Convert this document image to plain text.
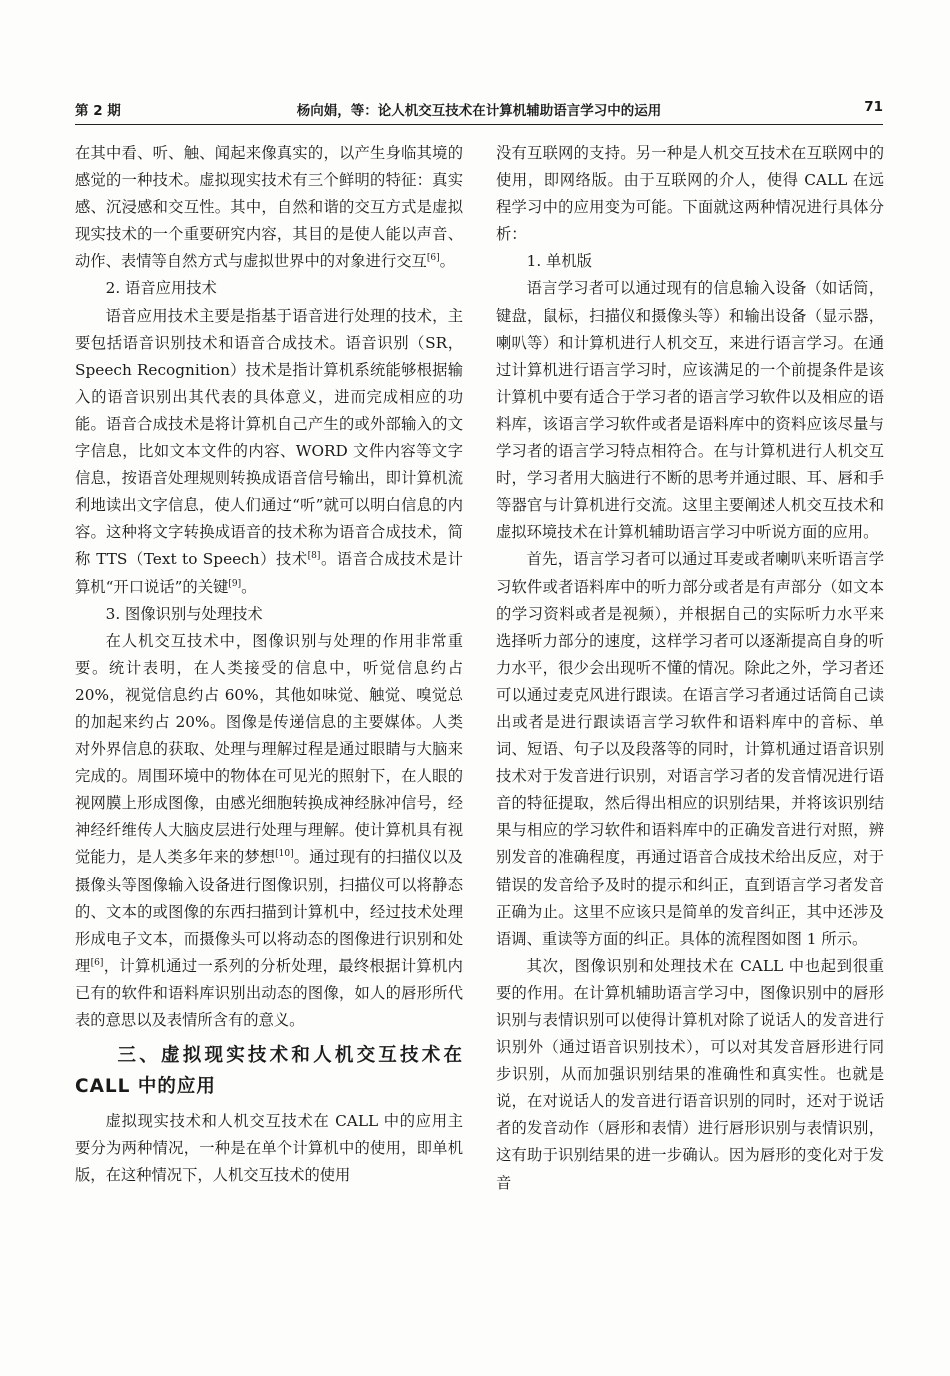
第 2 期	杨向娟，等：论人机交互技术在计算机辅助语言学习中的运用	71

在其中看、听、触、闻起来像真实的，以产生身临其境的感觉的一种技术。虚拟现实技术有三个鲜明的特征：真实感、沉浸感和交互性。其中，自然和谐的交互方式是虚拟现实技术的一个重要研究内容，其目的是使人能以声音、动作、表情等自然方式与虚拟世界中的对象进行交互[6]。

2. 语音应用技术

语音应用技术主要是指基于语音进行处理的技术，主要包括语音识别技术和语音合成技术。语音识别（SR，Speech Recognition）技术是指计算机系统能够根据输入的语音识别出其代表的具体意义，进而完成相应的功能。语音合成技术是将计算机自己产生的或外部输入的文字信息，比如文本文件的内容、WORD 文件内容等文字信息，按语音处理规则转换成语音信号输出，即计算机流利地读出文字信息，使人们通过“听”就可以明白信息的内容。这种将文字转换成语音的技术称为语音合成技术，简称 TTS（Text to Speech）技术[8]。语音合成技术是计算机“开口说话”的关键[9]。

3. 图像识别与处理技术

在人机交互技术中，图像识别与处理的作用非常重要。统计表明，在人类接受的信息中，听觉信息约占 20%，视觉信息约占 60%，其他如味觉、触觉、嗅觉总的加起来约占 20%。图像是传递信息的主要媒体。人类对外界信息的获取、处理与理解过程是通过眼睛与大脑来完成的。周围环境中的物体在可见光的照射下，在人眼的视网膜上形成图像，由感光细胞转换成神经脉冲信号，经神经纤维传人大脑皮层进行处理与理解。使计算机具有视觉能力，是人类多年来的梦想[10]。通过现有的扫描仪以及摄像头等图像输入设备进行图像识别，扫描仪可以将静态的、文本的或图像的东西扫描到计算机中，经过技术处理形成电子文本，而摄像头可以将动态的图像进行识别和处理[6]，计算机通过一系列的分析处理，最终根据计算机内已有的软件和语料库识别出动态的图像，如人的唇形所代表的意思以及表情所含有的意义。

三、虚拟现实技术和人机交互技术在 CALL 中的应用

虚拟现实技术和人机交互技术在 CALL 中的应用主要分为两种情况，一种是在单个计算机中的使用，即单机版，在这种情况下，人机交互技术的使用

没有互联网的支持。另一种是人机交互技术在互联网中的使用，即网络版。由于互联网的介人，使得 CALL 在远程学习中的应用变为可能。下面就这两种情况进行具体分析：

1. 单机版

语言学习者可以通过现有的信息输入设备（如话筒，键盘，鼠标，扫描仪和摄像头等）和输出设备（显示器，喇叭等）和计算机进行人机交互，来进行语言学习。在通过计算机进行语言学习时，应该满足的一个前提条件是该计算机中要有适合于学习者的语言学习软件以及相应的语料库，该语言学习软件或者是语料库中的资料应该尽量与学习者的语言学习特点相符合。在与计算机进行人机交互时，学习者用大脑进行不断的思考并通过眼、耳、唇和手等器官与计算机进行交流。这里主要阐述人机交互技术和虚拟环境技术在计算机辅助语言学习中听说方面的应用。

首先，语言学习者可以通过耳麦或者喇叭来听语言学习软件或者语料库中的听力部分或者是有声部分（如文本的学习资料或者是视频），并根据自己的实际听力水平来选择听力部分的速度，这样学习者可以逐渐提高自身的听力水平，很少会出现听不懂的情况。除此之外，学习者还可以通过麦克风进行跟读。在语言学习者通过话筒自己读出或者是进行跟读语言学习软件和语料库中的音标、单词、短语、句子以及段落等的同时，计算机通过语音识别技术对于发音进行识别，对语言学习者的发音情况进行语音的特征提取，然后得出相应的识别结果，并将该识别结果与相应的学习软件和语料库中的正确发音进行对照，辨别发音的准确程度，再通过语音合成技术给出反应，对于错误的发音给予及时的提示和纠正，直到语言学习者发音正确为止。这里不应该只是简单的发音纠正，其中还涉及语调、重读等方面的纠正。具体的流程图如图 1 所示。

其次，图像识别和处理技术在 CALL 中也起到很重要的作用。在计算机辅助语言学习中，图像识别中的唇形识别与表情识别可以使得计算机对除了说话人的发音进行识别外（通过语音识别技术），可以对其发音唇形进行同步识别，从而加强识别结果的准确性和真实性。也就是说，在对说话人的发音进行语音识别的同时，还对于说话者的发音动作（唇形和表情）进行唇形识别与表情识别，这有助于识别结果的进一步确认。因为唇形的变化对于发音
